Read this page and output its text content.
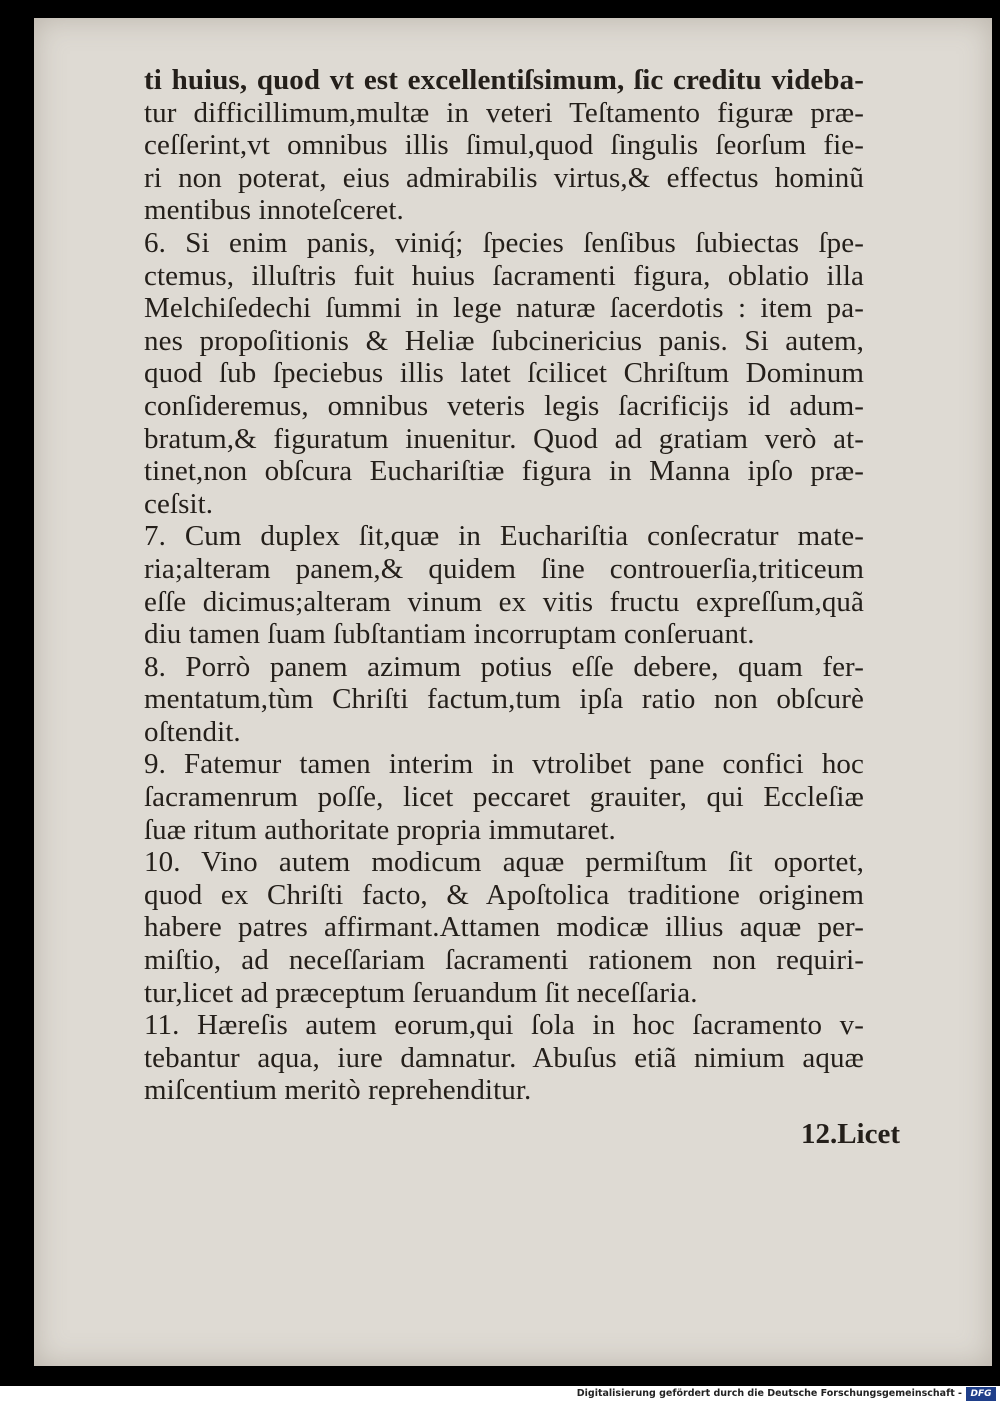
ti huius, quod vt est excellentiſsimum, ſic creditu videba-
tur difficillimum,multæ in veteri Teſtamento figuræ præ-
ceſſerint,vt omnibus illis ſimul,quod ſingulis ſeorſum fie-
ri non poterat, eius admirabilis virtus,& effectus hominũ
mentibus innoteſceret.
6. Si enim panis, viniq́; ſpecies ſenſibus ſubiectas ſpe-
ctemus, illuſtris fuit huius ſacramenti figura, oblatio illa
Melchiſedechi ſummi in lege naturæ ſacerdotis : item pa-
nes propoſitionis & Heliæ ſubcinericius panis. Si autem,
quod ſub ſpeciebus illis latet ſcilicet Chriſtum Dominum
conſideremus, omnibus veteris legis ſacrificijs id adum-
bratum,& figuratum inuenitur. Quod ad gratiam verò at-
tinet,non obſcura Euchariſtiæ figura in Manna ipſo præ-
ceſsit.
7. Cum duplex ſit,quæ in Euchariſtia conſecratur mate-
ria;alteram panem,& quidem ſine controuerſia,triticeum
eſſe dicimus;alteram vinum ex vitis fructu expreſſum,quã
diu tamen ſuam ſubſtantiam incorruptam conſeruant.
8. Porrò panem azimum potius eſſe debere, quam fer-
mentatum,tùm Chriſti factum,tum ipſa ratio non obſcurè
oſtendit.
9. Fatemur tamen interim in vtrolibet pane confici hoc
ſacramenrum poſſe, licet peccaret grauiter, qui Eccleſiæ
ſuæ ritum authoritate propria immutaret.
10. Vino autem modicum aquæ permiſtum ſit oportet,
quod ex Chriſti facto, & Apoſtolica traditione originem
habere patres affirmant.Attamen modicæ illius aquæ per-
miſtio, ad neceſſariam ſacramenti rationem non requiri-
tur,licet ad præceptum ſeruandum ſit neceſſaria.
11. Hæreſis autem eorum,qui ſola in hoc ſacramento v-
tebantur aqua, iure damnatur. Abuſus etiã nimium aquæ
miſcentium meritò reprehenditur.
12.Licet
Digitalisierung gefördert durch die Deutsche Forschungsgemeinschaft - DFG
